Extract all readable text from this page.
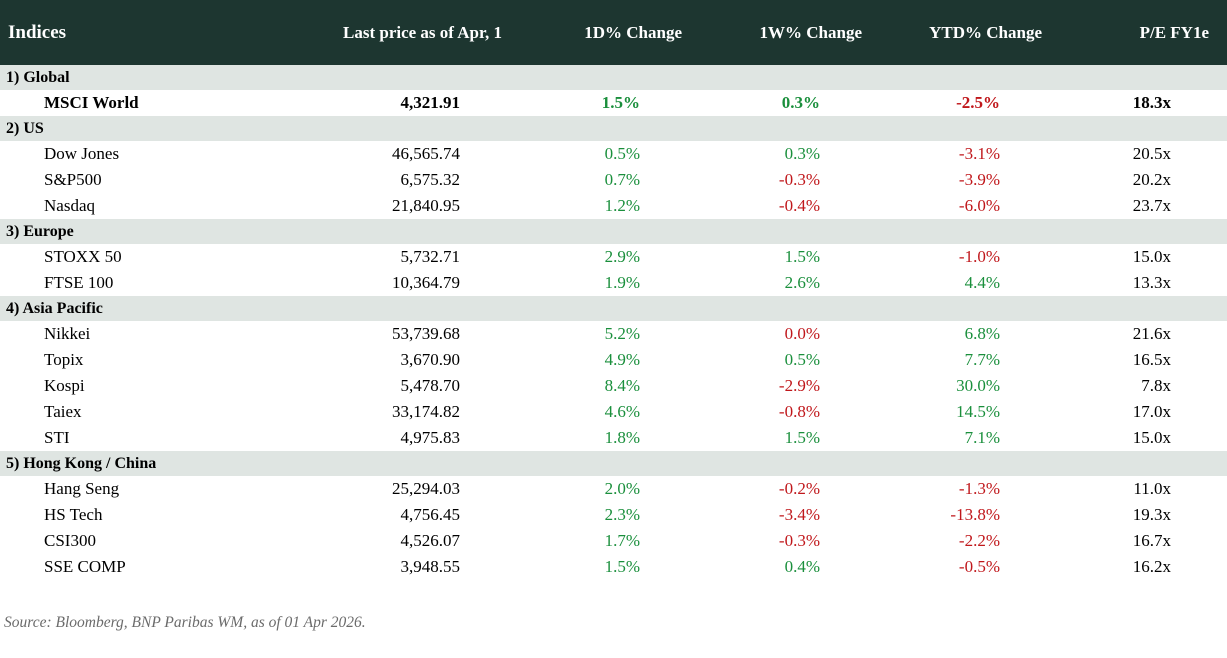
Indices	Last price as of Apr, 1	1D% Change	1W% Change	YTD% Change	P/E FY1e
1) Global					
MSCI World	4,321.91	1.5%	0.3%	-2.5%	18.3x
2) US					
Dow Jones	46,565.74	0.5%	0.3%	-3.1%	20.5x
S&P500	6,575.32	0.7%	-0.3%	-3.9%	20.2x
Nasdaq	21,840.95	1.2%	-0.4%	-6.0%	23.7x
3) Europe					
STOXX 50	5,732.71	2.9%	1.5%	-1.0%	15.0x
FTSE 100	10,364.79	1.9%	2.6%	4.4%	13.3x
4) Asia Pacific					
Nikkei	53,739.68	5.2%	0.0%	6.8%	21.6x
Topix	3,670.90	4.9%	0.5%	7.7%	16.5x
Kospi	5,478.70	8.4%	-2.9%	30.0%	7.8x
Taiex	33,174.82	4.6%	-0.8%	14.5%	17.0x
STI	4,975.83	1.8%	1.5%	7.1%	15.0x
5) Hong Kong / China					
Hang Seng	25,294.03	2.0%	-0.2%	-1.3%	11.0x
HS Tech	4,756.45	2.3%	-3.4%	-13.8%	19.3x
CSI300	4,526.07	1.7%	-0.3%	-2.2%	16.7x
SSE COMP	3,948.55	1.5%	0.4%	-0.5%	16.2x
Source: Bloomberg, BNP Paribas WM, as of 01 Apr 2026.
